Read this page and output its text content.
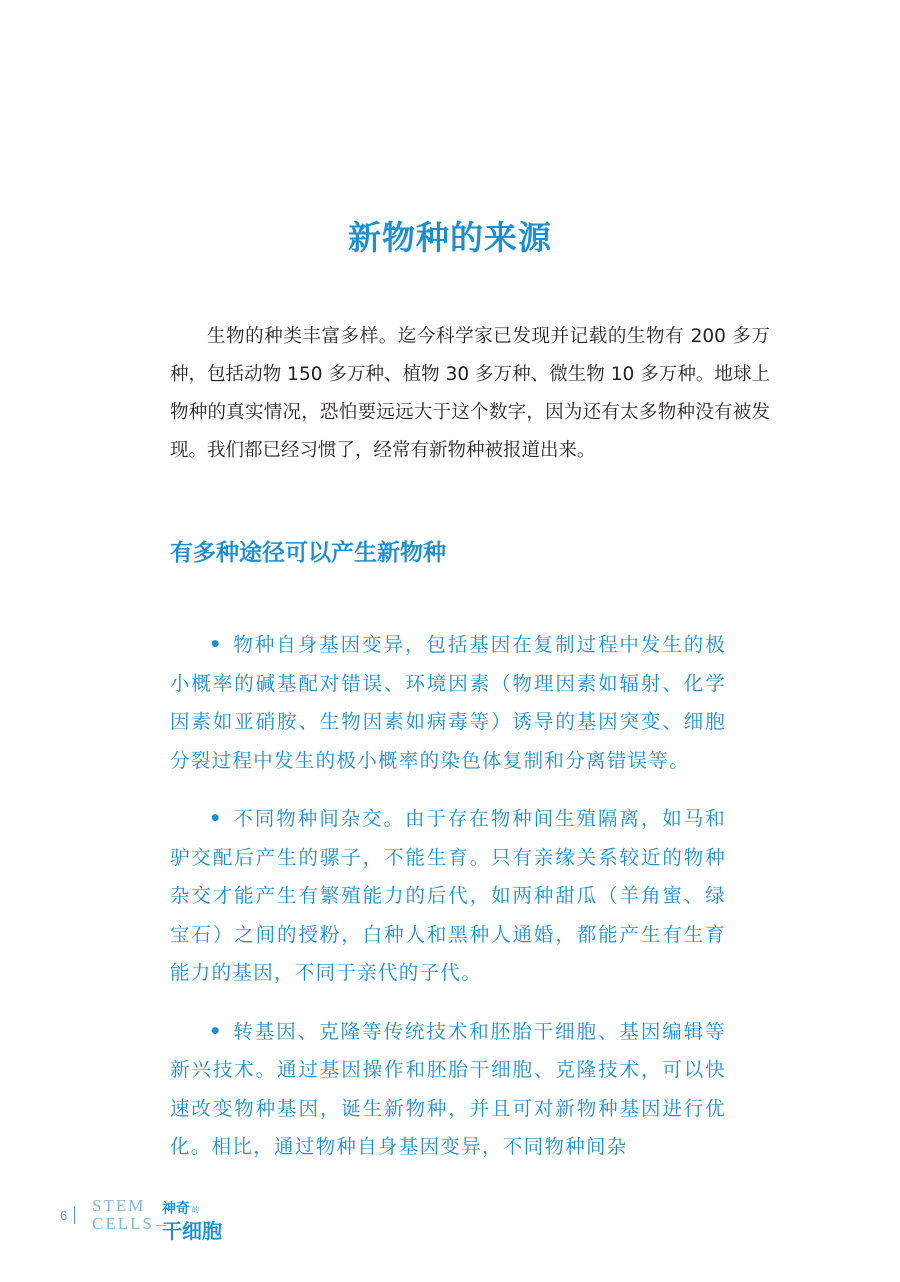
新物种的来源

生物的种类丰富多样。迄今科学家已发现并记载的生物有 200 多万种，包括动物 150 多万种、植物 30 多万种、微生物 10 多万种。地球上物种的真实情况，恐怕要远远大于这个数字，因为还有太多物种没有被发现。我们都已经习惯了，经常有新物种被报道出来。

有多种途径可以产生新物种

• 物种自身基因变异，包括基因在复制过程中发生的极小概率的碱基配对错误、环境因素（物理因素如辐射、化学因素如亚硝胺、生物因素如病毒等）诱导的基因突变、细胞分裂过程中发生的极小概率的染色体复制和分离错误等。

• 不同物种间杂交。由于存在物种间生殖隔离，如马和驴交配后产生的骡子，不能生育。只有亲缘关系较近的物种杂交才能产生有繁殖能力的后代，如两种甜瓜（羊角蜜、绿宝石）之间的授粉，白种人和黑种人通婚，都能产生有生育能力的基因，不同于亲代的子代。

• 转基因、克隆等传统技术和胚胎干细胞、基因编辑等新兴技术。通过基因操作和胚胎干细胞、克隆技术，可以快速改变物种基因，诞生新物种，并且可对新物种基因进行优化。相比，通过物种自身基因变异，不同物种间杂

6
STEM
CELLS
神奇 的
干细胞
